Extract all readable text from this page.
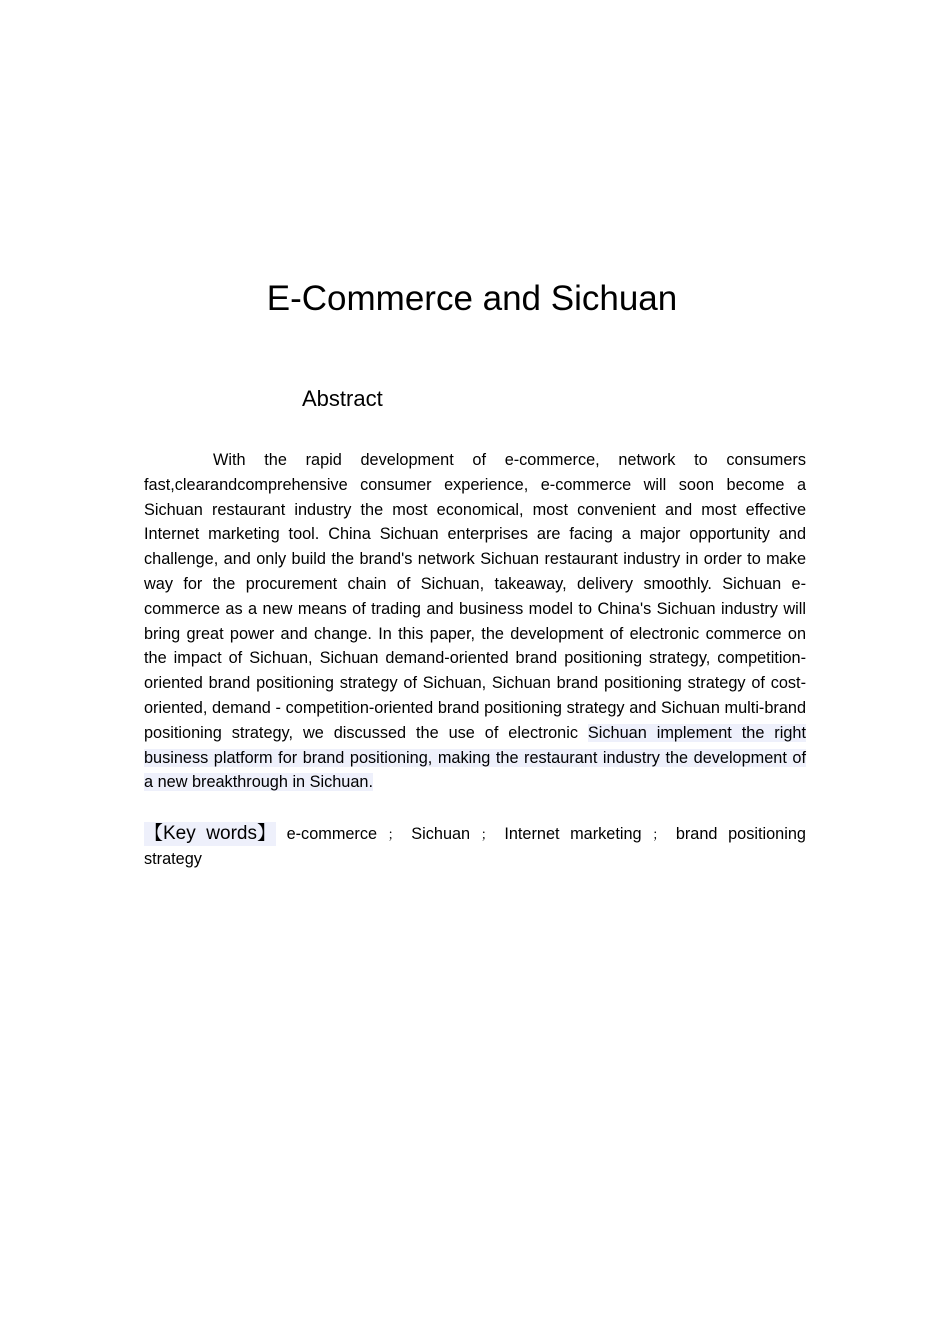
E-Commerce and Sichuan
Abstract

With the rapid development of e-commerce, network to consumers fast,clearandcomprehensive consumer experience, e-commerce will soon become a Sichuan restaurant industry the most economical, most convenient and most effective Internet marketing tool. China Sichuan enterprises are facing a major opportunity and challenge, and only build the brand's network Sichuan restaurant industry in order to make way for the procurement chain of Sichuan, takeaway, delivery smoothly. Sichuan e-commerce as a new means of trading and business model to China's Sichuan industry will bring great power and change. In this paper, the development of electronic commerce on the impact of Sichuan, Sichuan demand-oriented brand positioning strategy, competition-oriented brand positioning strategy of Sichuan, Sichuan brand positioning strategy of cost-oriented, demand - competition-oriented brand positioning strategy and Sichuan multi-brand positioning strategy, we discussed the use of electronic Sichuan implement the right business platform for brand positioning, making the restaurant industry the development of a new breakthrough in Sichuan.

【Key  words】 e-commerce ； Sichuan ； Internet marketing ； brand positioning
strategy
